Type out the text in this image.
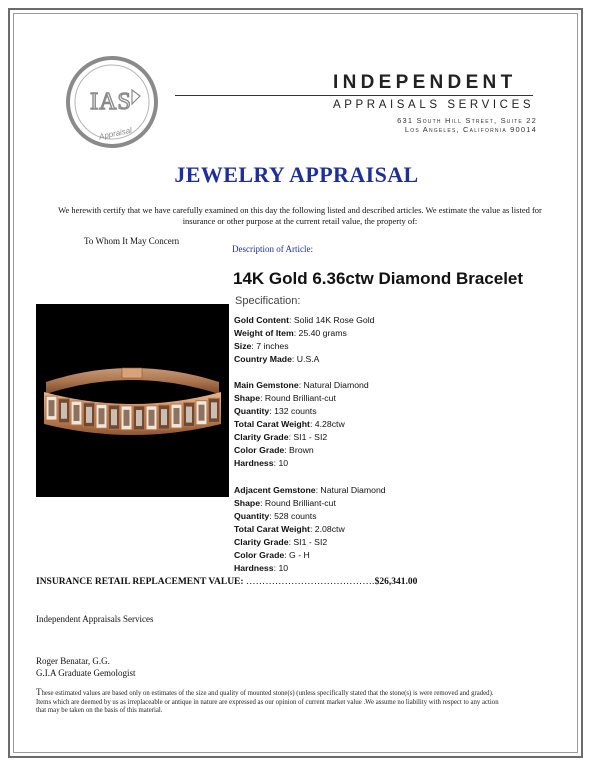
IAS
Appraisal
INDEPENDENT
APPRAISALS SERVICES
631 South Hill Street, Suite 22
Los Angeles, California 90014
JEWELRY APPRAISAL
We herewith certify that we have carefully examined on this day the following listed and described articles. We estimate the value as listed for insurance or other purpose at the current retail value, the property of:
To Whom It May Concern
Description of Article:
14K Gold 6.36ctw Diamond Bracelet
Specification:
Gold Content: Solid 14K Rose Gold
Weight of Item: 25.40 grams
Size: 7 inches
Country Made: U.S.A
Main Gemstone: Natural Diamond
Shape: Round Brilliant-cut
Quantity: 132 counts
Total Carat Weight: 4.28ctw
Clarity Grade: SI1 - SI2
Color Grade: Brown
Hardness: 10
Adjacent Gemstone: Natural Diamond
Shape: Round Brilliant-cut
Quantity: 528 counts
Total Carat Weight: 2.08ctw
Clarity Grade: SI1 - SI2
Color Grade: G - H
Hardness: 10
INSURANCE RETAIL REPLACEMENT VALUE: ………………………………….$26,341.00
Independent Appraisals Services
Roger Benatar, G.G.
G.I.A Graduate Gemologist
These estimated values are based only on estimates of the size and quality of mounted stone(s) (unless specifically stated that the stone(s) is were removed and graded). Items which are deemed by us as irreplaceable or antique in nature are expressed as our opinion of current market value .We assume no liability with respect to any action that may be taken on the basis of this material.
